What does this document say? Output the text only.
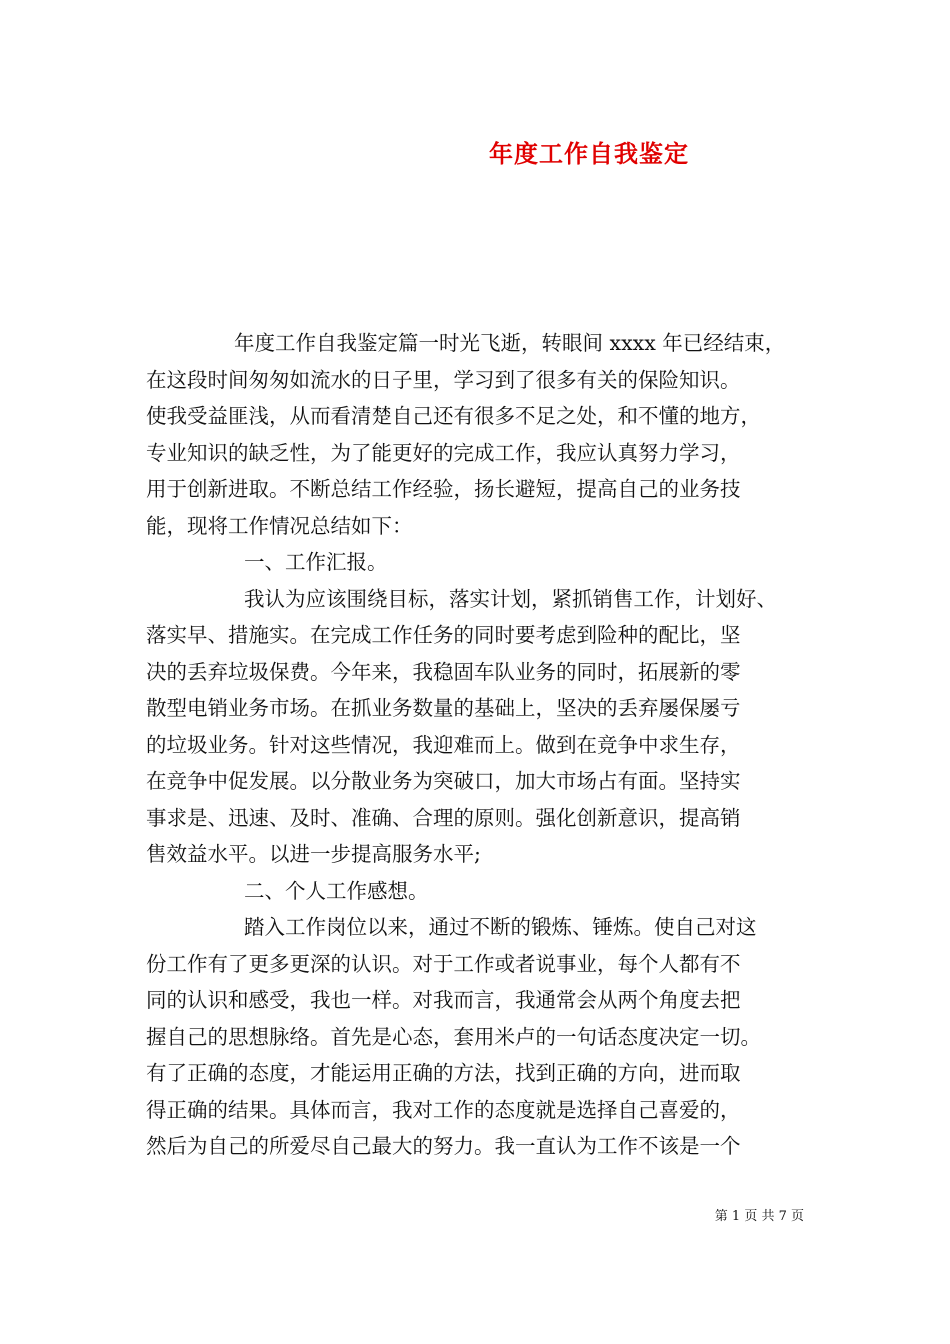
年度工作自我鉴定
年度工作自我鉴定篇一时光飞逝，转眼间 xxxx 年已经结束，
在这段时间匆匆如流水的日子里，学习到了很多有关的保险知识。
使我受益匪浅，从而看清楚自己还有很多不足之处，和不懂的地方，
专业知识的缺乏性，为了能更好的完成工作，我应认真努力学习，
用于创新进取。不断总结工作经验，扬长避短，提高自己的业务技
能，现将工作情况总结如下：
一、工作汇报。
我认为应该围绕目标，落实计划，紧抓销售工作，计划好、
落实早、措施实。在完成工作任务的同时要考虑到险种的配比，坚
决的丢弃垃圾保费。今年来，我稳固车队业务的同时，拓展新的零
散型电销业务市场。在抓业务数量的基础上，坚决的丢弃屡保屡亏
的垃圾业务。针对这些情况，我迎难而上。做到在竞争中求生存，
在竞争中促发展。以分散业务为突破口，加大市场占有面。坚持实
事求是、迅速、及时、准确、合理的原则。强化创新意识，提高销
售效益水平。以进一步提高服务水平;
二、个人工作感想。
踏入工作岗位以来，通过不断的锻炼、锤炼。使自己对这
份工作有了更多更深的认识。对于工作或者说事业，每个人都有不
同的认识和感受，我也一样。对我而言，我通常会从两个角度去把
握自己的思想脉络。首先是心态，套用米卢的一句话态度决定一切。
有了正确的态度，才能运用正确的方法，找到正确的方向，进而取
得正确的结果。具体而言，我对工作的态度就是选择自己喜爱的，
然后为自己的所爱尽自己最大的努力。我一直认为工作不该是一个
第 1 页 共 7 页
